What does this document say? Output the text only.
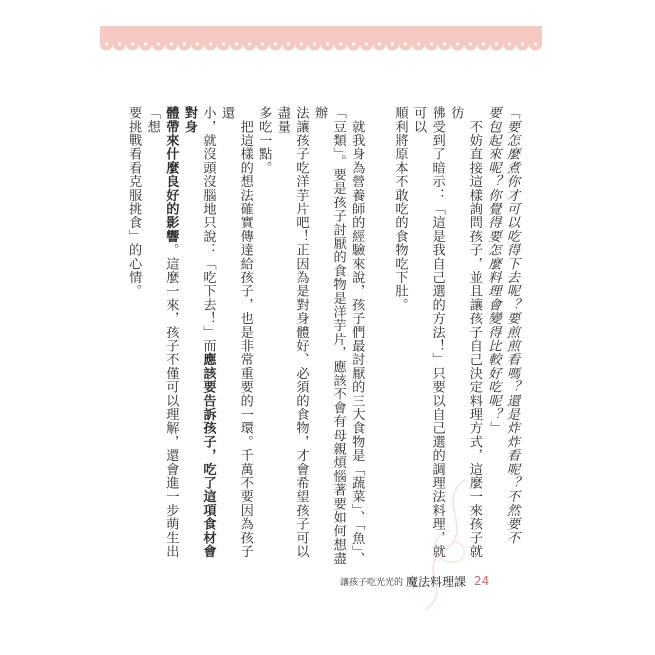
「要怎麼煮你才可以吃得下去呢？要煎煎看嗎？還是炸炸看呢？不然要不

要包起來呢？你覺得要怎麼料理會變得比較好吃呢？」

　不妨直接這樣詢問孩子，並且讓孩子自己決定料理方式，這麼一來孩子就彷

彿受到了暗示：「這是我自己選的方法！」只要以自己選的調理法料理，就可以

順利將原本不敢吃的食物吃下肚。

　就我身為營養師的經驗來說，孩子們最討厭的三大食物是「蔬菜」、「魚」、

「豆類」。要是孩子討厭的食物是洋芋片，應該不會有母親煩惱著要如何想盡辦

法讓孩子吃洋芋片吧！正因為是對身體好、必須的食物，才會希望孩子可以盡量

多吃一點。

　把這樣的想法確實傳達給孩子，也是非常重要的一環。千萬不要因為孩子還

小，就沒頭沒腦地只說：「吃下去！」而應該要告訴孩子，吃了這項食材會對身

體帶來什麼良好的影響。這麼一來，孩子不僅可以理解，還會進一步萌生出「想

要挑戰看看克服挑食」的心情。

讓孩子吃光光的 魔法料理課 24
